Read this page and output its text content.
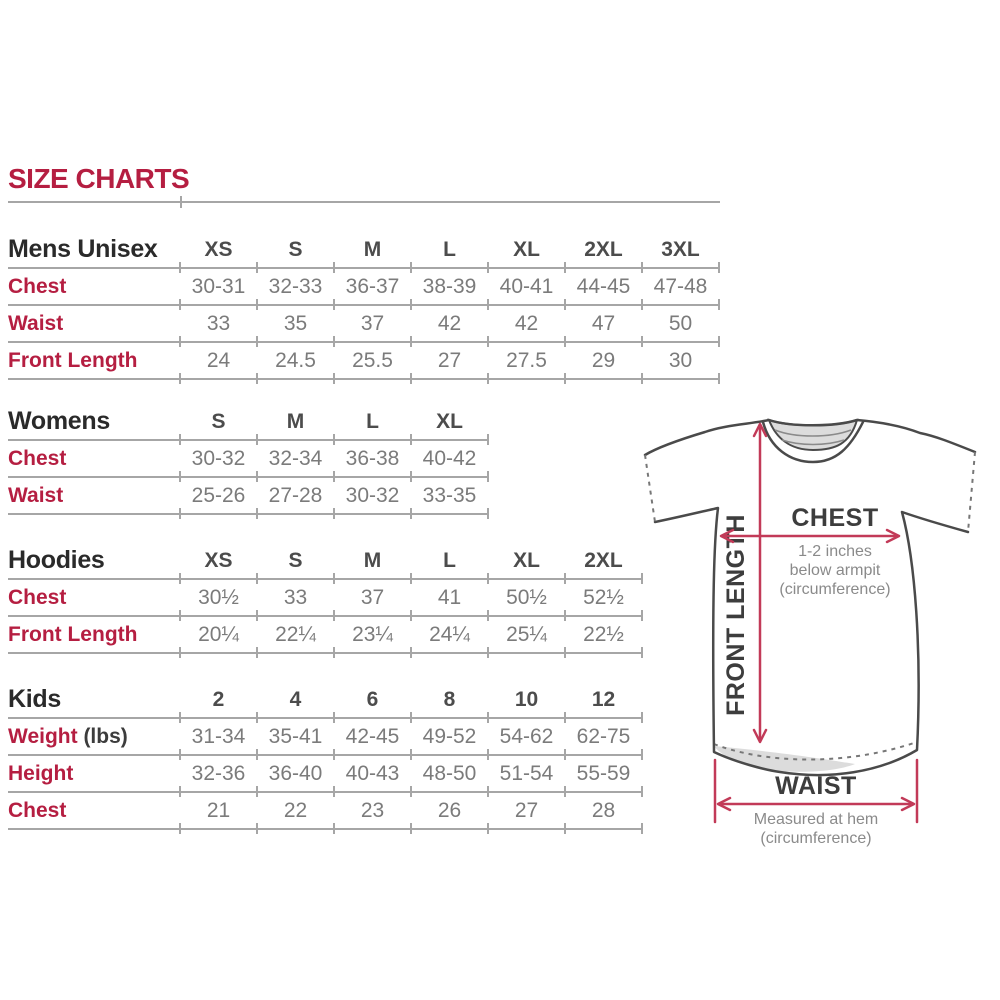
SIZE CHARTS
Mens Unisex	XS	S	M	L	XL	2XL	3XL
Chest	30-31	32-33	36-37	38-39	40-41	44-45	47-48
Waist	33	35	37	42	42	47	50
Front Length	24	24.5	25.5	27	27.5	29	30
Womens	S	M	L	XL
Chest	30-32	32-34	36-38	40-42
Waist	25-26	27-28	30-32	33-35
Hoodies	XS	S	M	L	XL	2XL
Chest	30½	33	37	41	50½	52½
Front Length	20¼	22¼	23¼	24¼	25¼	22½
Kids	2	4	6	8	10	12
Weight (lbs)	31-34	35-41	42-45	49-52	54-62	62-75
Height	32-36	36-40	40-43	48-50	51-54	55-59
Chest	21	22	23	26	27	28
FRONT LENGTH CHEST
1-2 inches
below armpit
(circumference)
WAIST
Measured at hem
(circumference)
